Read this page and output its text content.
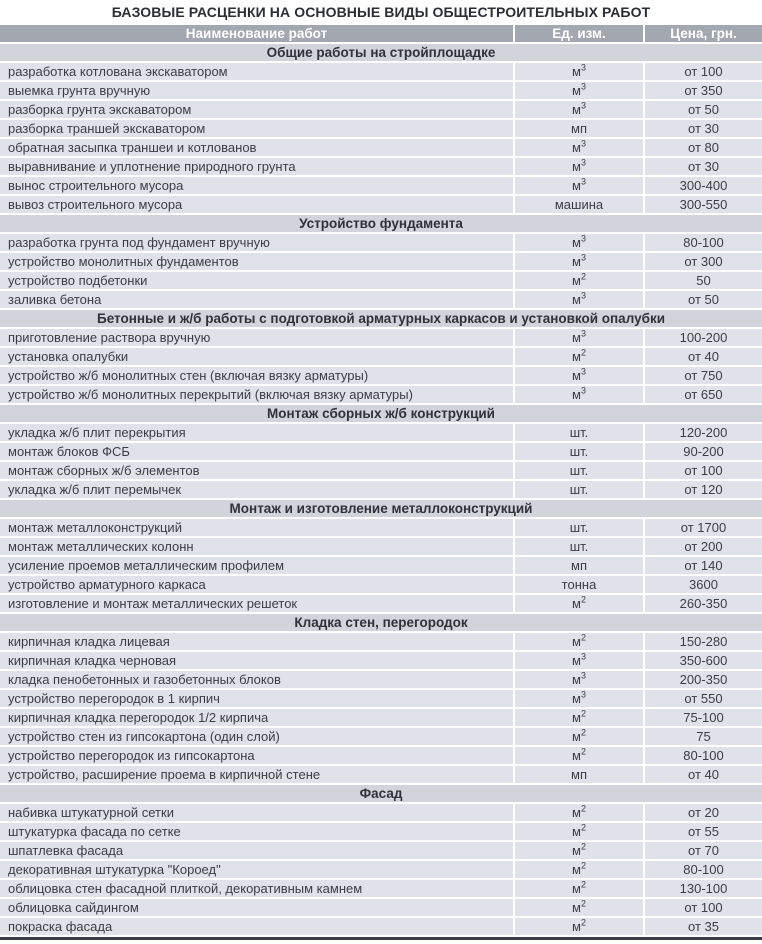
БАЗОВЫЕ РАСЦЕНКИ НА ОСНОВНЫЕ ВИДЫ ОБЩЕСТРОИТЕЛЬНЫХ РАБОТ
Наименование работ	Ед. изм.	Цена, грн.
Общие работы на стройплощадке		
разработка котлована экскаватором	$м^3$	от 100
выемка грунта вручную	$м^3$	от 350
разборка грунта экскаватором	$м^3$	от 50
разборка траншей экскаватором	мп	от 30
обратная засыпка траншеи и котлованов	$м^3$	от 80
выравнивание и уплотнение природного грунта	$м^3$	от 30
вынос строительного мусора	$м^3$	300-400
вывоз строительного мусора	машина	300-550
Устройство фундамента		
разработка грунта под фундамент вручную	$м^3$	80-100
устройство монолитных фундаментов	$м^3$	от 300
устройство подбетонки	$м^2$	50
заливка бетона	$м^3$	от 50
Бетонные и ж/б работы с подготовкой арматурных каркасов и установкой опалубки		
приготовление раствора вручную	$м^3$	100-200
установка опалубки	$м^2$	от 40
устройство ж/б монолитных стен (включая вязку арматуры)	$м^3$	от 750
устройство ж/б монолитных перекрытий (включая вязку арматуры)	$м^3$	от 650
Монтаж сборных ж/б конструкций		
укладка ж/б плит перекрытия	шт.	120-200
монтаж блоков ФСБ	шт.	90-200
монтаж сборных ж/б элементов	шт.	от 100
укладка ж/б плит перемычек	шт.	от 120
Монтаж и изготовление металлоконструкций		
монтаж металлоконструкций	шт.	от 1700
монтаж металлических колонн	шт.	от 200
усиление проемов металлическим профилем	мп	от 140
устройство арматурного каркаса	тонна	3600
изготовление и монтаж металлических решеток	$м^2$	260-350
Кладка стен, перегородок		
кирпичная кладка лицевая	$м^2$	150-280
кирпичная кладка черновая	$м^3$	350-600
кладка пенобетонных и газобетонных блоков	$м^3$	200-350
устройство перегородок в 1 кирпич	$м^3$	от 550
кирпичная кладка перегородок 1/2 кирпича	$м^2$	75-100
устройство стен из гипсокартона (один слой)	$м^2$	75
устройство перегородок из гипсокартона	$м^2$	80-100
устройство, расширение проема в кирпичной стене	мп	от 40
Фасад		
набивка штукатурной сетки	$м^2$	от 20
штукатурка фасада по сетке	$м^2$	от 55
шпатлевка фасада	$м^2$	от 70
декоративная штукатурка "Короед"	$м^2$	80-100
облицовка стен фасадной плиткой, декоративным камнем	$м^2$	130-100
облицовка сайдингом	$м^2$	от 100
покраска фасада	$м^2$	от 35
